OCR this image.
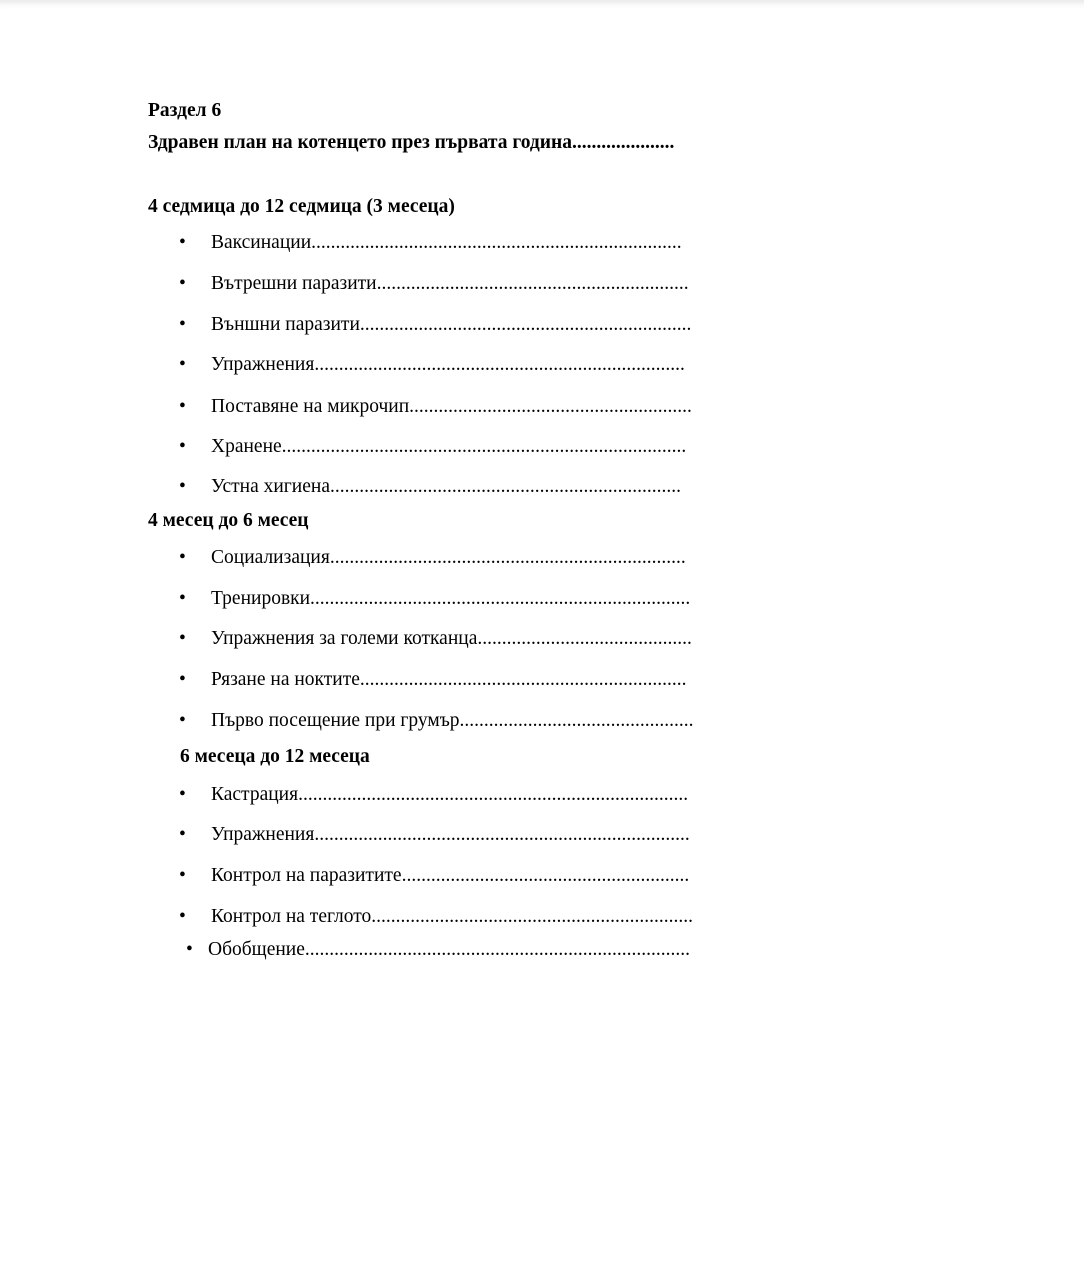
Раздел 6
Здравен план на котенцето през първата година.....................
4 седмица до 12 седмица (3 месеца)
• Ваксинации............................................................................
• Вътрешни паразити................................................................
• Външни паразити....................................................................
• Упражнения............................................................................
• Поставяне на микрочип..........................................................
• Хранене...................................................................................
• Устна хигиена........................................................................
4 месец до 6 месец
• Социализация.........................................................................
• Тренировки..............................................................................
• Упражнения за големи котканца............................................
• Рязане на ноктите...................................................................
• Първо посещение при грумър................................................
6 месеца до 12 месеца
• Кастрация................................................................................
• Упражнения.............................................................................
• Контрол на паразитите...........................................................
• Контрол на теглото..................................................................
• Обобщение...............................................................................
